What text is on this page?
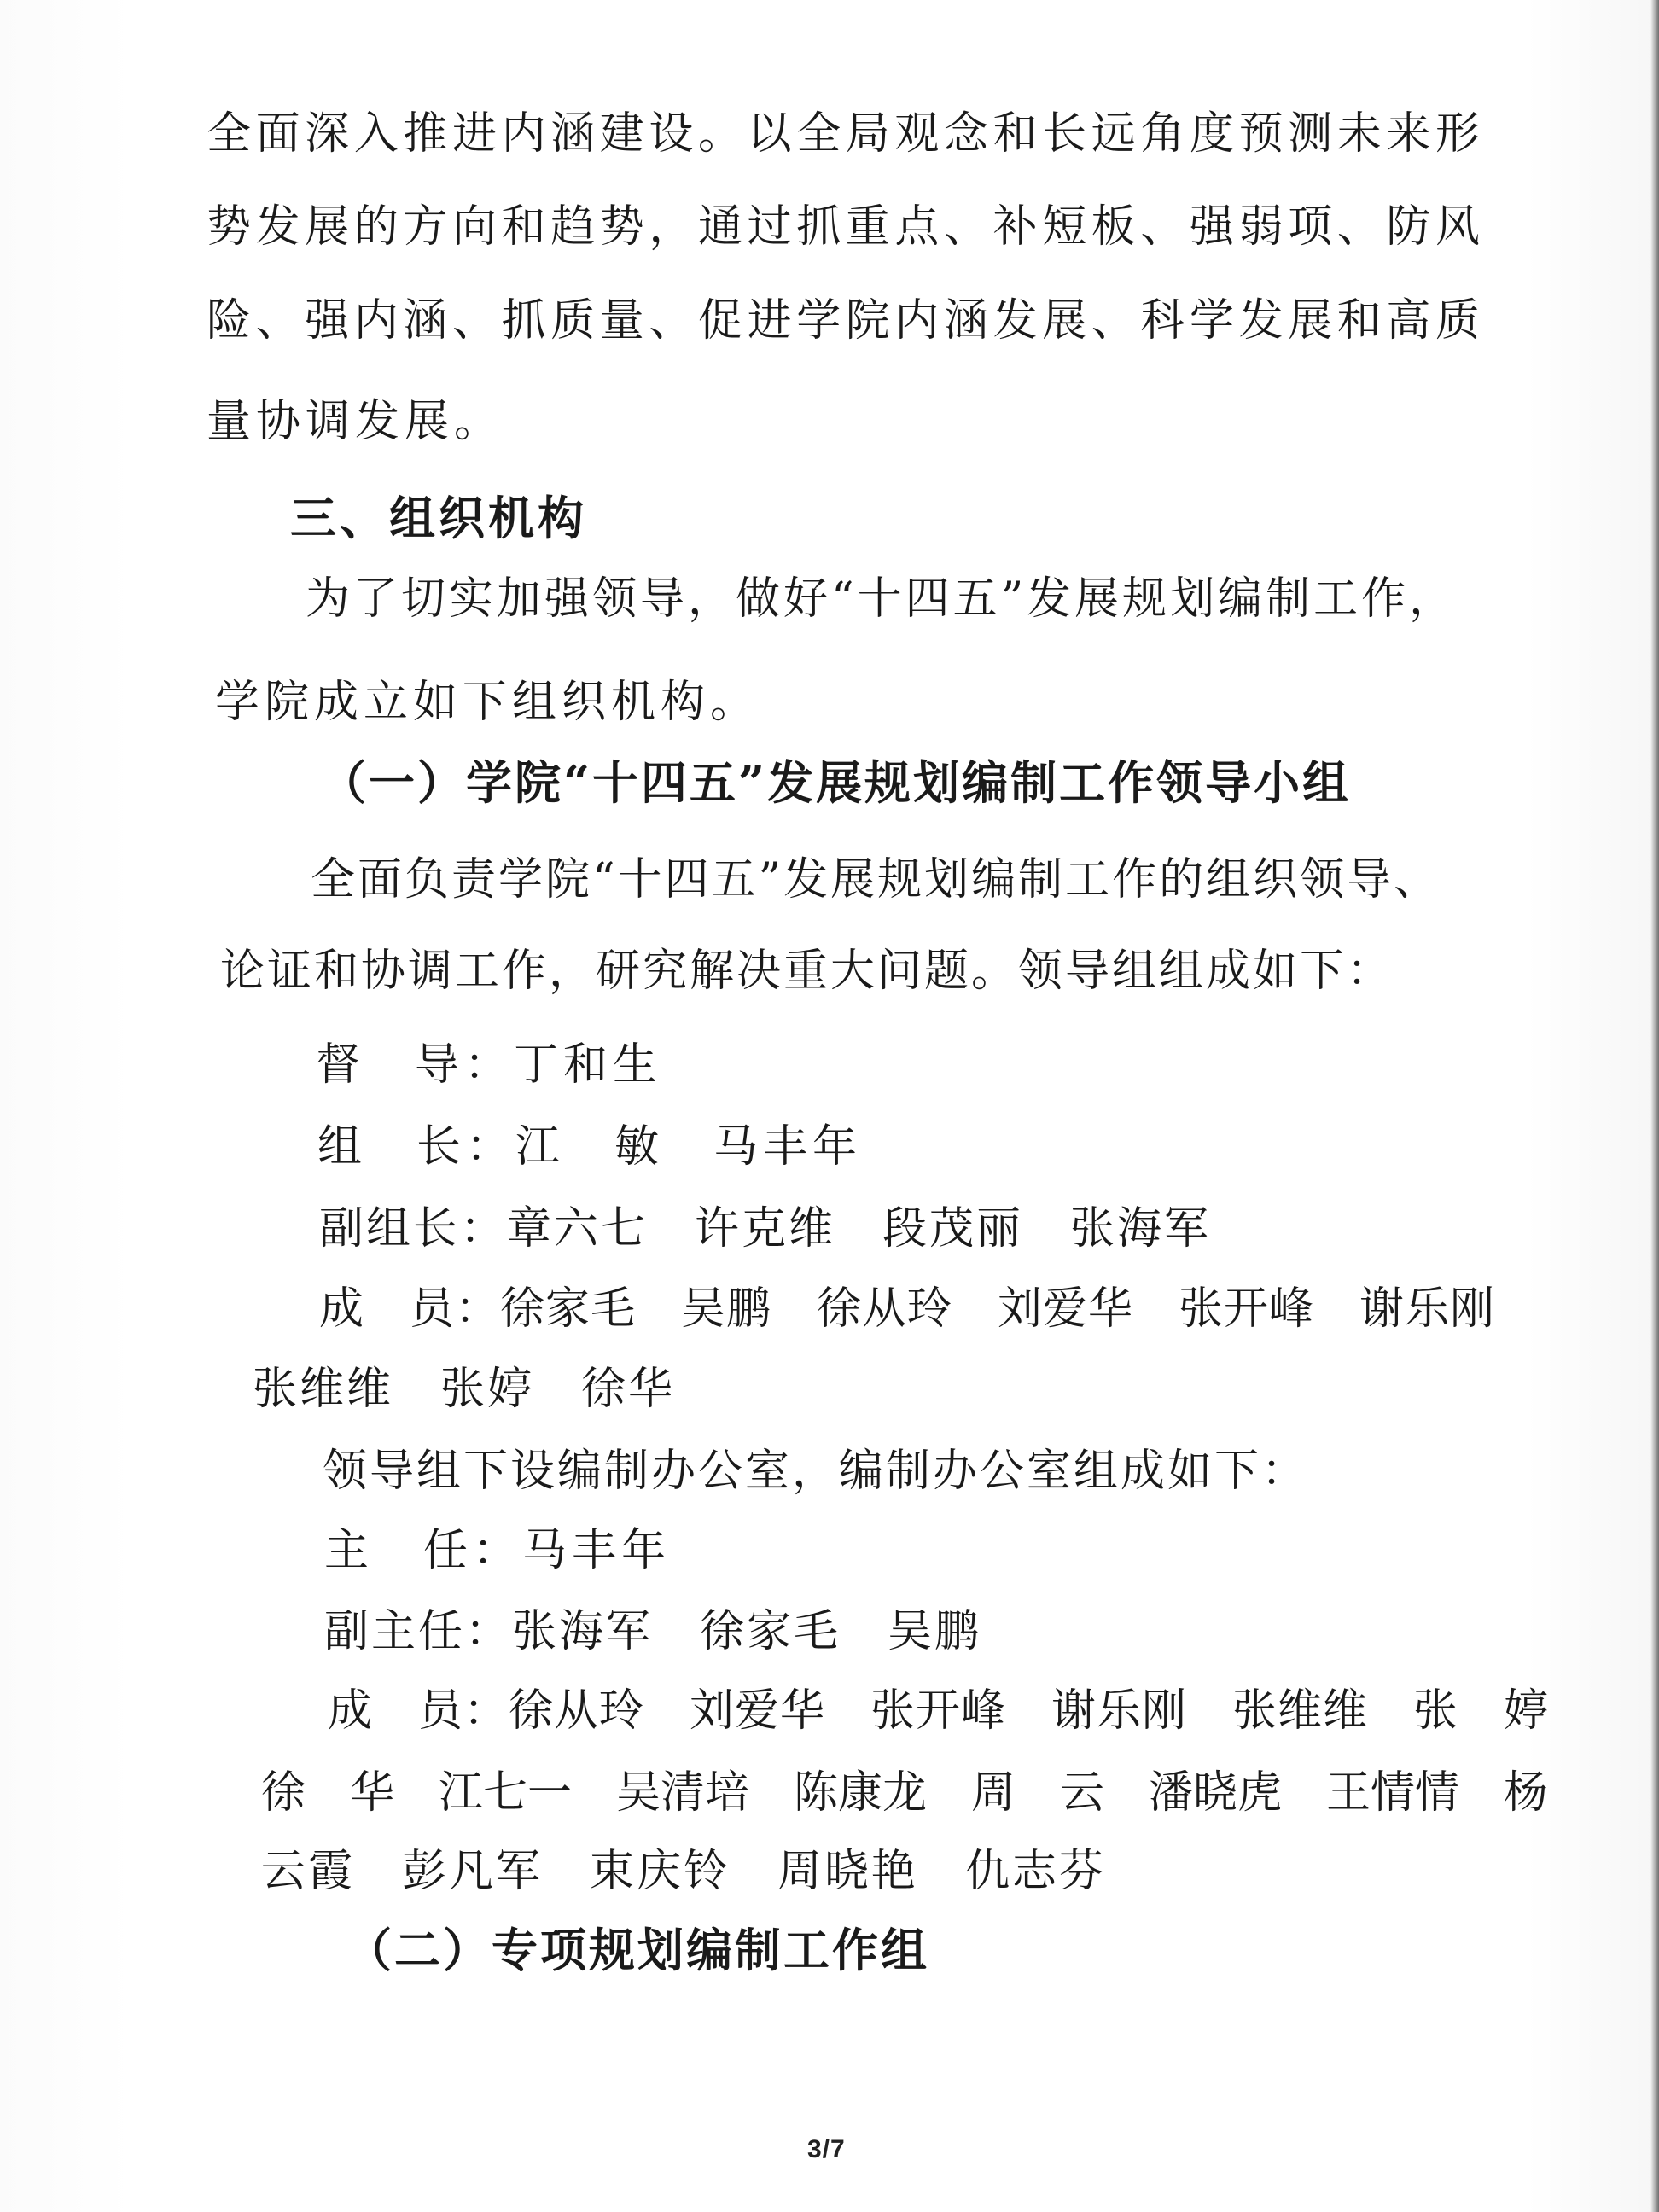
全面深入推进内涵建设。以全局观念和长远角度预测未来形
势发展的方向和趋势，通过抓重点、补短板、强弱项、防风
险、强内涵、抓质量、促进学院内涵发展、科学发展和高质
量协调发展。
三、组织机构
为了切实加强领导，做好“十四五”发展规划编制工作，
学院成立如下组织机构。
（一）学院“十四五”发展规划编制工作领导小组
全面负责学院“十四五”发展规划编制工作的组织领导、
论证和协调工作，研究解决重大问题。领导组组成如下：
督　导：丁和生
组　长：江　敏　马丰年
副组长：章六七　许克维　段茂丽　张海军
成　员：徐家毛　吴鹏　徐从玲　刘爱华　张开峰　谢乐刚
张维维　张婷　徐华
领导组下设编制办公室，编制办公室组成如下：
主　任：马丰年
副主任：张海军　徐家毛　吴鹏
成　员：徐从玲　刘爱华　张开峰　谢乐刚　张维维　张　婷
徐　华　江七一　吴清培　陈康龙　周　云　潘晓虎　王情情　杨
云霞　彭凡军　束庆铃　周晓艳　仇志芬
（二）专项规划编制工作组
3/7
